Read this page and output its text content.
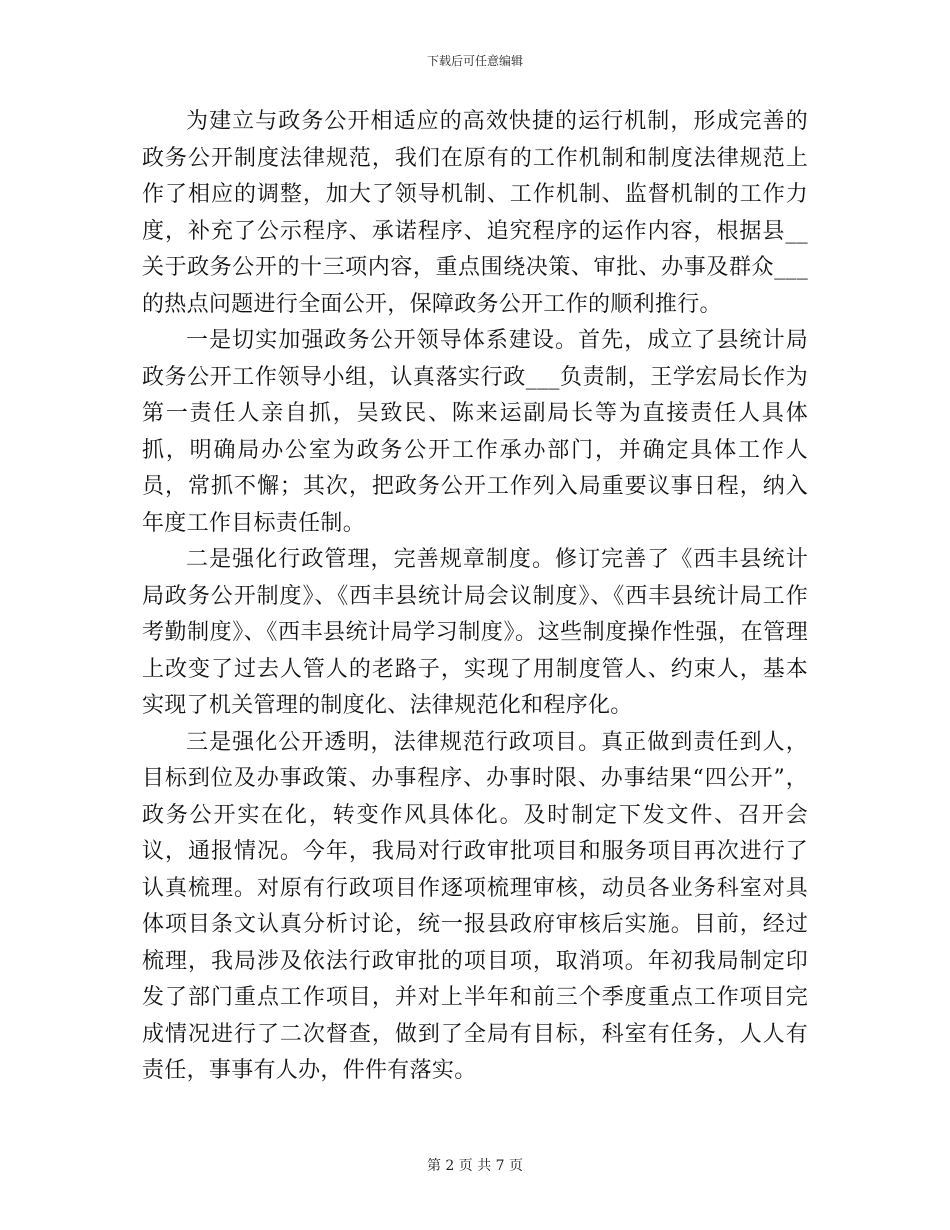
下载后可任意编辑

为建立与政务公开相适应的高效快捷的运行机制，形成完善的政务公开制度法律规范，我们在原有的工作机制和制度法律规范上作了相应的调整，加大了领导机制、工作机制、监督机制的工作力度，补充了公示程序、承诺程序、追究程序的运作内容，根据县__关于政务公开的十三项内容，重点围绕决策、审批、办事及群众___的热点问题进行全面公开，保障政务公开工作的顺利推行。

一是切实加强政务公开领导体系建设。首先，成立了县统计局政务公开工作领导小组，认真落实行政___负责制，王学宏局长作为第一责任人亲自抓，吴致民、陈来运副局长等为直接责任人具体抓，明确局办公室为政务公开工作承办部门，并确定具体工作人员，常抓不懈；其次，把政务公开工作列入局重要议事日程，纳入年度工作目标责任制。

二是强化行政管理，完善规章制度。修订完善了《西丰县统计局政务公开制度》、《西丰县统计局会议制度》、《西丰县统计局工作考勤制度》、《西丰县统计局学习制度》。这些制度操作性强，在管理上改变了过去人管人的老路子，实现了用制度管人、约束人，基本实现了机关管理的制度化、法律规范化和程序化。

三是强化公开透明，法律规范行政项目。真正做到责任到人，目标到位及办事政策、办事程序、办事时限、办事结果“四公开”，政务公开实在化，转变作风具体化。及时制定下发文件、召开会议，通报情况。今年，我局对行政审批项目和服务项目再次进行了认真梳理。对原有行政项目作逐项梳理审核，动员各业务科室对具体项目条文认真分析讨论，统一报县政府审核后实施。目前，经过梳理，我局涉及依法行政审批的项目项，取消项。年初我局制定印发了部门重点工作项目，并对上半年和前三个季度重点工作项目完成情况进行了二次督查，做到了全局有目标，科室有任务，人人有责任，事事有人办，件件有落实。

第 2 页 共 7 页
